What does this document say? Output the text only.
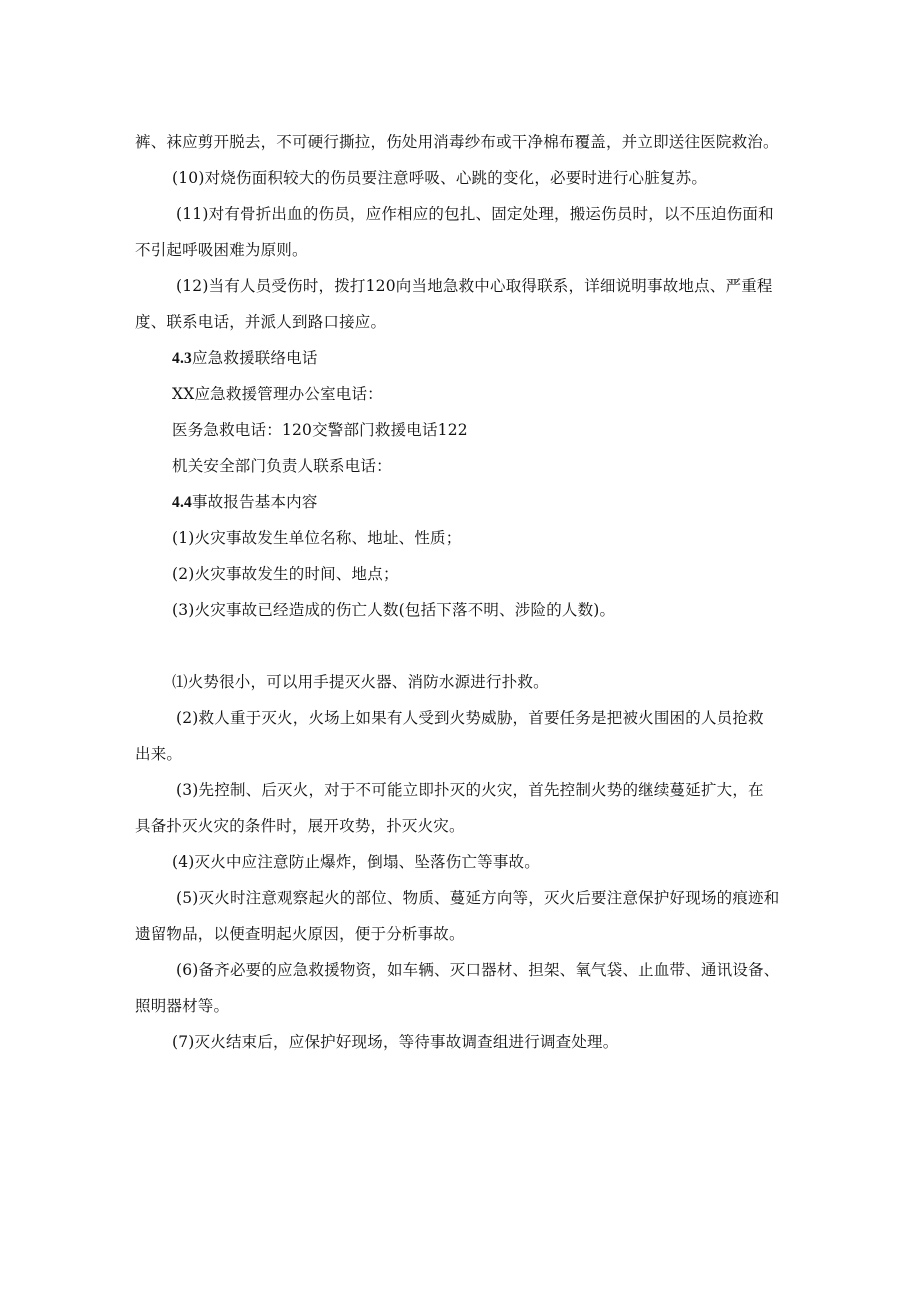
裤、袜应剪开脱去，不可硬行撕拉，伤处用消毒纱布或干净棉布覆盖，并立即送往医院救治。
(10)对烧伤面积较大的伤员要注意呼吸、心跳的变化，必要时进行心脏复苏。
(11)对有骨折出血的伤员，应作相应的包扎、固定处理，搬运伤员时，以不压迫伤面和
不引起呼吸困难为原则。
(12)当有人员受伤时，拨打120向当地急救中心取得联系，详细说明事故地点、严重程
度、联系电话，并派人到路口接应。
4.3应急救援联络电话
XX应急救援管理办公室电话：
医务急救电话：120交警部门救援电话122
机关安全部门负责人联系电话：
4.4事故报告基本内容
(1)火灾事故发生单位名称、地址、性质；
(2)火灾事故发生的时间、地点；
(3)火灾事故已经造成的伤亡人数(包括下落不明、涉险的人数)。
⑴火势很小，可以用手提灭火器、消防水源进行扑救。
(2)救人重于灭火，火场上如果有人受到火势威胁，首要任务是把被火围困的人员抢救
出来。
(3)先控制、后灭火，对于不可能立即扑灭的火灾，首先控制火势的继续蔓延扩大，在
具备扑灭火灾的条件时，展开攻势，扑灭火灾。
(4)灭火中应注意防止爆炸，倒塌、坠落伤亡等事故。
(5)灭火时注意观察起火的部位、物质、蔓延方向等，灭火后要注意保护好现场的痕迹和
遗留物品，以便查明起火原因，便于分析事故。
(6)备齐必要的应急救援物资，如车辆、灭口器材、担架、氧气袋、止血带、通讯设备、
照明器材等。
(7)灭火结束后，应保护好现场，等待事故调查组进行调查处理。
